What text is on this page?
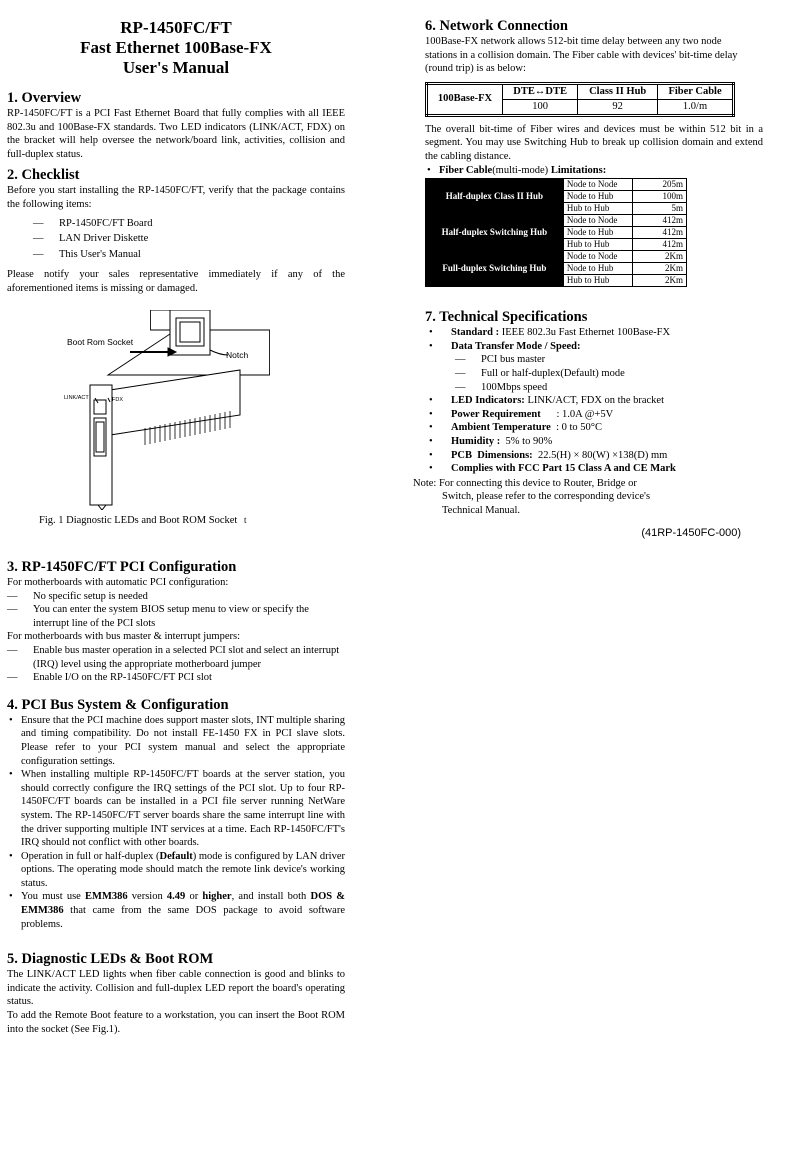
RP-1450FC/FT
Fast Ethernet 100Base-FX
User's Manual
1. Overview

RP-1450FC/FT is a PCI Fast Ethernet Board that fully complies with all IEEE 802.3u and 100Base-FX standards. Two LED indicators (LINK/ACT, FDX) on the bracket will help oversee the network/board link, activities, collision and full-duplex status.

2. Checklist

Before you start installing the RP-1450FC/FT, verify that the package contains the following items:

— RP-1450FC/FT Board
— LAN Driver Diskette
— This User's Manual

Please notify your sales representative immediately if any of the aforementioned items is missing or damaged.

Boot Rom Socket
Notch
LINK/ACT	FDX
Fig. 1 Diagnostic LEDs and Boot ROM Socket t
3. RP-1450FC/FT PCI Configuration

For motherboards with automatic PCI configuration:

— No specific setup is needed
— You can enter the system BIOS setup menu to view or specify the interrupt line of the PCI slots

For motherboards with bus master & interrupt jumpers:

— Enable bus master operation in a selected PCI slot and select an interrupt (IRQ) level using the appropriate motherboard jumper
— Enable I/O on the RP-1450FC/FT PCI slot
4. PCI Bus System & Configuration
• Ensure that the PCI machine does support master slots, INT multiple sharing and timing compatibility. Do not install FE-1450 FX in PCI slave slots. Please refer to your PCI system manual and select the appropriate configuration settings.
• When installing multiple RP-1450FC/FT boards at the server station, you should correctly configure the IRQ settings of the PCI slot. Up to four RP-1450FC/FT boards can be installed in a PCI file server running NetWare system. The RP-1450FC/FT server boards share the same interrupt line with the driver supporting multiple INT services at a time. Each RP-1450FC/FT's IRQ should not conflict with other boards.
• Operation in full or half-duplex (Default) mode is configured by LAN driver options. The operating mode should match the remote link device's working status.
• You must use EMM386 version 4.49 or higher, and install both DOS & EMM386 that came from the same DOS package to avoid software problems.
5. Diagnostic LEDs & Boot ROM

The LINK/ACT LED lights when fiber cable connection is good and blinks to indicate the activity. Collision and full-duplex LED report the board's operating status.

To add the Remote Boot feature to a workstation, you can insert the Boot ROM into the socket (See Fig.1).

6. Network Connection

100Base-FX network allows 512-bit time delay between any two node stations in a collision domain. The Fiber cable with devices' bit-time delay (round trip) is as below:

100Base-FX	DTE↔DTE	Class II Hub	Fiber Cable
	100	92	1.0/m

The overall bit-time of Fiber wires and devices must be within 512 bit in a segment. You may use Switching Hub to break up collision domain and extend the cabling distance.

• Fiber Cable(multi-mode) Limitations:
Half-duplex Class II Hub	Node to Node	205m
	Node to Hub	100m
	Hub to Hub	5m
Half-duplex Switching Hub	Node to Node	412m
	Node to Hub	412m
	Hub to Hub	412m
Full-duplex Switching Hub	Node to Node	2Km
	Node to Hub	2Km
	Hub to Hub	2Km
7. Technical Specifications
• Standard : IEEE 802.3u Fast Ethernet 100Base-FX
• Data Transfer Mode / Speed:
— PCI bus master
— Full or half-duplex(Default) mode
— 100Mbps speed
• LED Indicators: LINK/ACT, FDX on the bracket
• Power Requirement      : 1.0A @+5V
• Ambient Temperature  : 0 to 50°C
• Humidity :  5% to 90%
• PCB  Dimensions:  22.5(H) × 80(W) ×138(D) mm
• Complies with FCC Part 15 Class A and CE Mark
Note: For connecting this device to Router, Bridge or
Switch, please refer to the corresponding device's
Technical Manual.
(41RP-1450FC-000)
